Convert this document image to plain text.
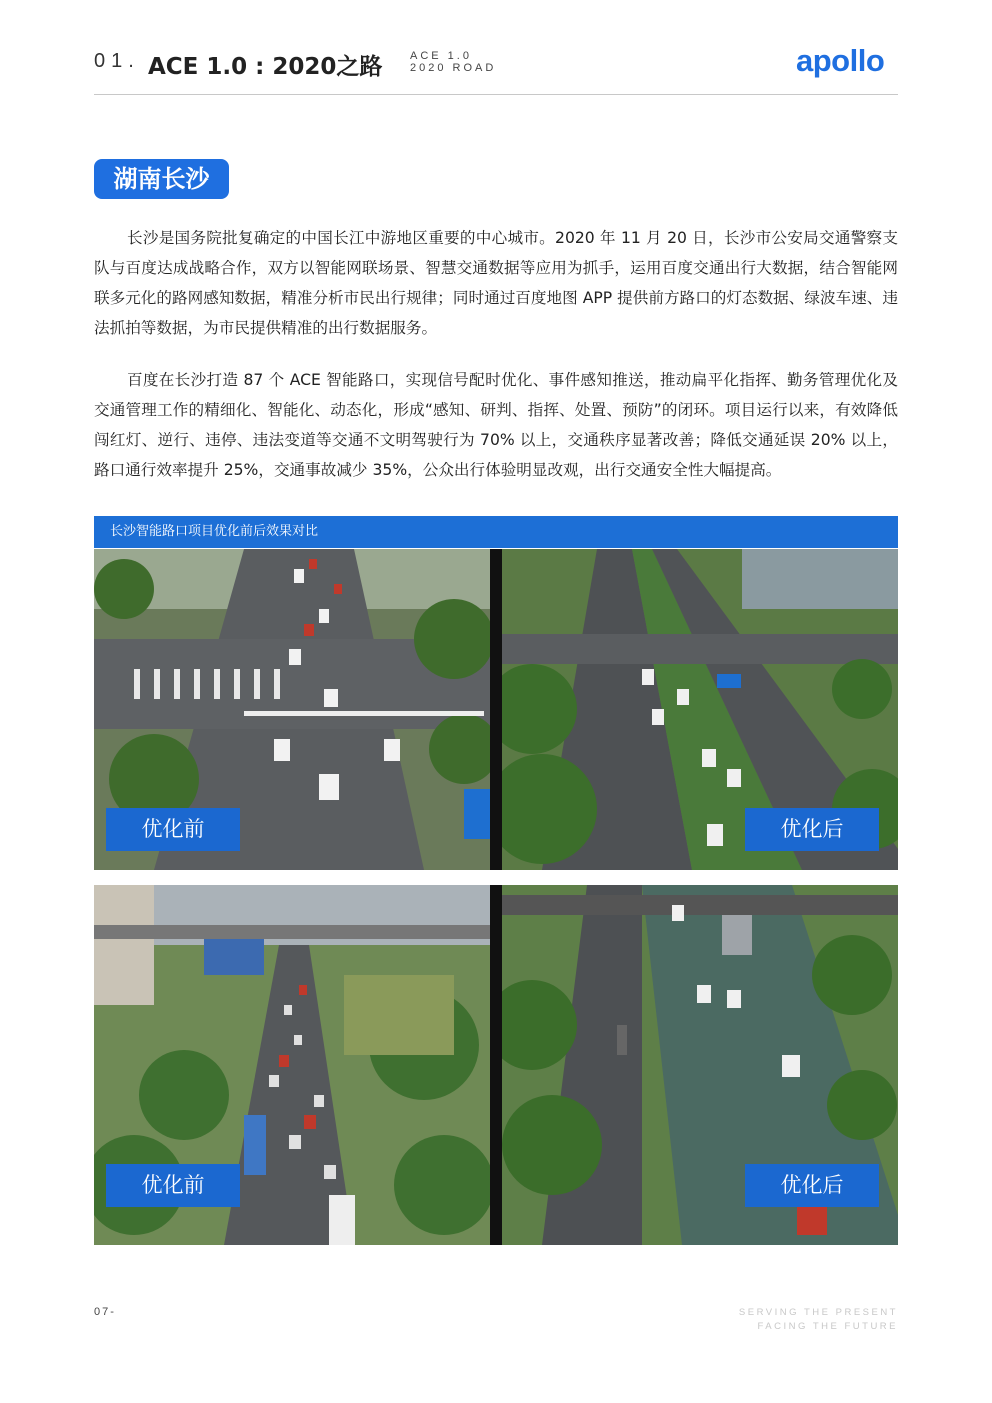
01. ACE 1.0 : 2020之路	ACE 1.0
2020 ROAD	apollo
湖南长沙

长沙是国务院批复确定的中国长江中游地区重要的中心城市。2020 年 11 月 20 日，长沙市公安局交通警察支队与百度达成战略合作，双方以智能网联场景、智慧交通数据等应用为抓手，运用百度交通出行大数据，结合智能网联多元化的路网感知数据，精准分析市民出行规律；同时通过百度地图 APP 提供前方路口的灯态数据、绿波车速、违法抓拍等数据，为市民提供精准的出行数据服务。

百度在长沙打造 87 个 ACE 智能路口，实现信号配时优化、事件感知推送，推动扁平化指挥、勤务管理优化及交通管理工作的精细化、智能化、动态化，形成“感知、研判、指挥、处置、预防”的闭环。项目运行以来，有效降低闯红灯、逆行、违停、违法变道等交通不文明驾驶行为 70% 以上，交通秩序显著改善；降低交通延误 20% 以上，路口通行效率提升 25%，交通事故减少 35%，公众出行体验明显改观，出行交通安全性大幅提高。

长沙智能路口项目优化前后效果对比
优化前	优化后
优化前	优化后
07-	SERVING THE PRESENT
FACING THE FUTURE
